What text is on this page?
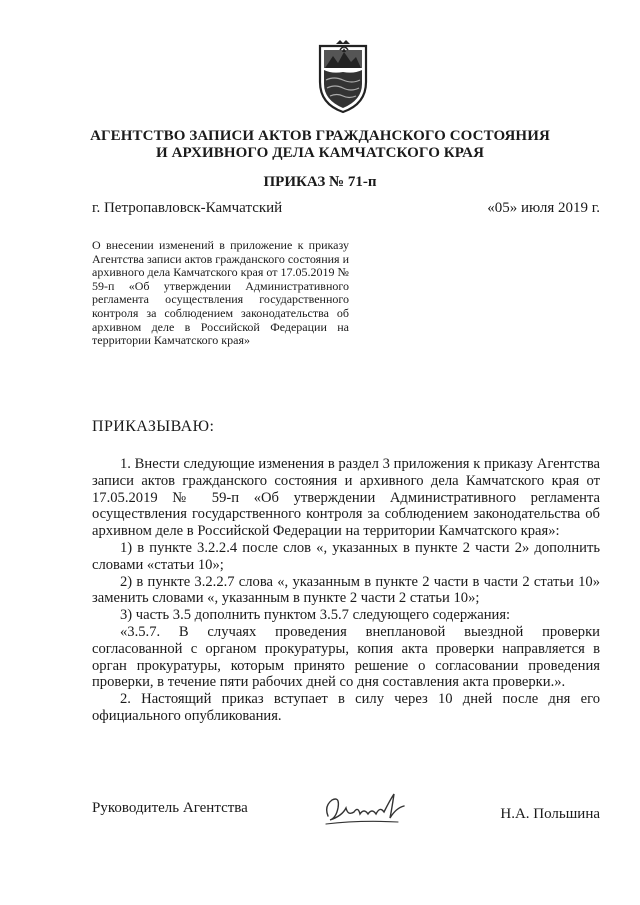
АГЕНТСТВО ЗАПИСИ АКТОВ ГРАЖДАНСКОГО СОСТОЯНИЯ
И АРХИВНОГО ДЕЛА КАМЧАТСКОГО КРАЯ
ПРИКАЗ № 71-п
г. Петропавловск-Камчатский	«05» июля 2019 г.
О внесении изменений в приложение к приказу Агентства записи актов гражданского состояния и архивного дела Камчатского края от 17.05.2019 № 59-п «Об утверждении Административного регламента осуществления государственного контроля за соблюдением законодательства об архивном деле в Российской Федерации на территории Камчатского края»
ПРИКАЗЫВАЮ:

1. Внести следующие изменения в раздел 3 приложения к приказу Агентства записи актов гражданского состояния и архивного дела Камчатского края от 17.05.2019 № 59-п «Об утверждении Административного регламента осуществления государственного контроля за соблюдением законодательства об архивном деле в Российской Федерации на территории Камчатского края»:

1) в пункте 3.2.2.4 после слов «, указанных в пункте 2 части 2» дополнить словами «статьи 10»;

2) в пункте 3.2.2.7 слова «, указанным в пункте 2 части в части 2 статьи 10» заменить словами «, указанным в пункте 2 части 2 статьи 10»;

3) часть 3.5 дополнить пунктом 3.5.7 следующего содержания:

«3.5.7. В случаях проведения внеплановой выездной проверки согласованной с органом прокуратуры, копия акта проверки направляется в орган прокуратуры, которым принято решение о согласовании проведения проверки, в течение пяти рабочих дней со дня составления акта проверки.».

2. Настоящий приказ вступает в силу через 10 дней после дня его официального опубликования.

Руководитель Агентства	Н.А. Польшина
